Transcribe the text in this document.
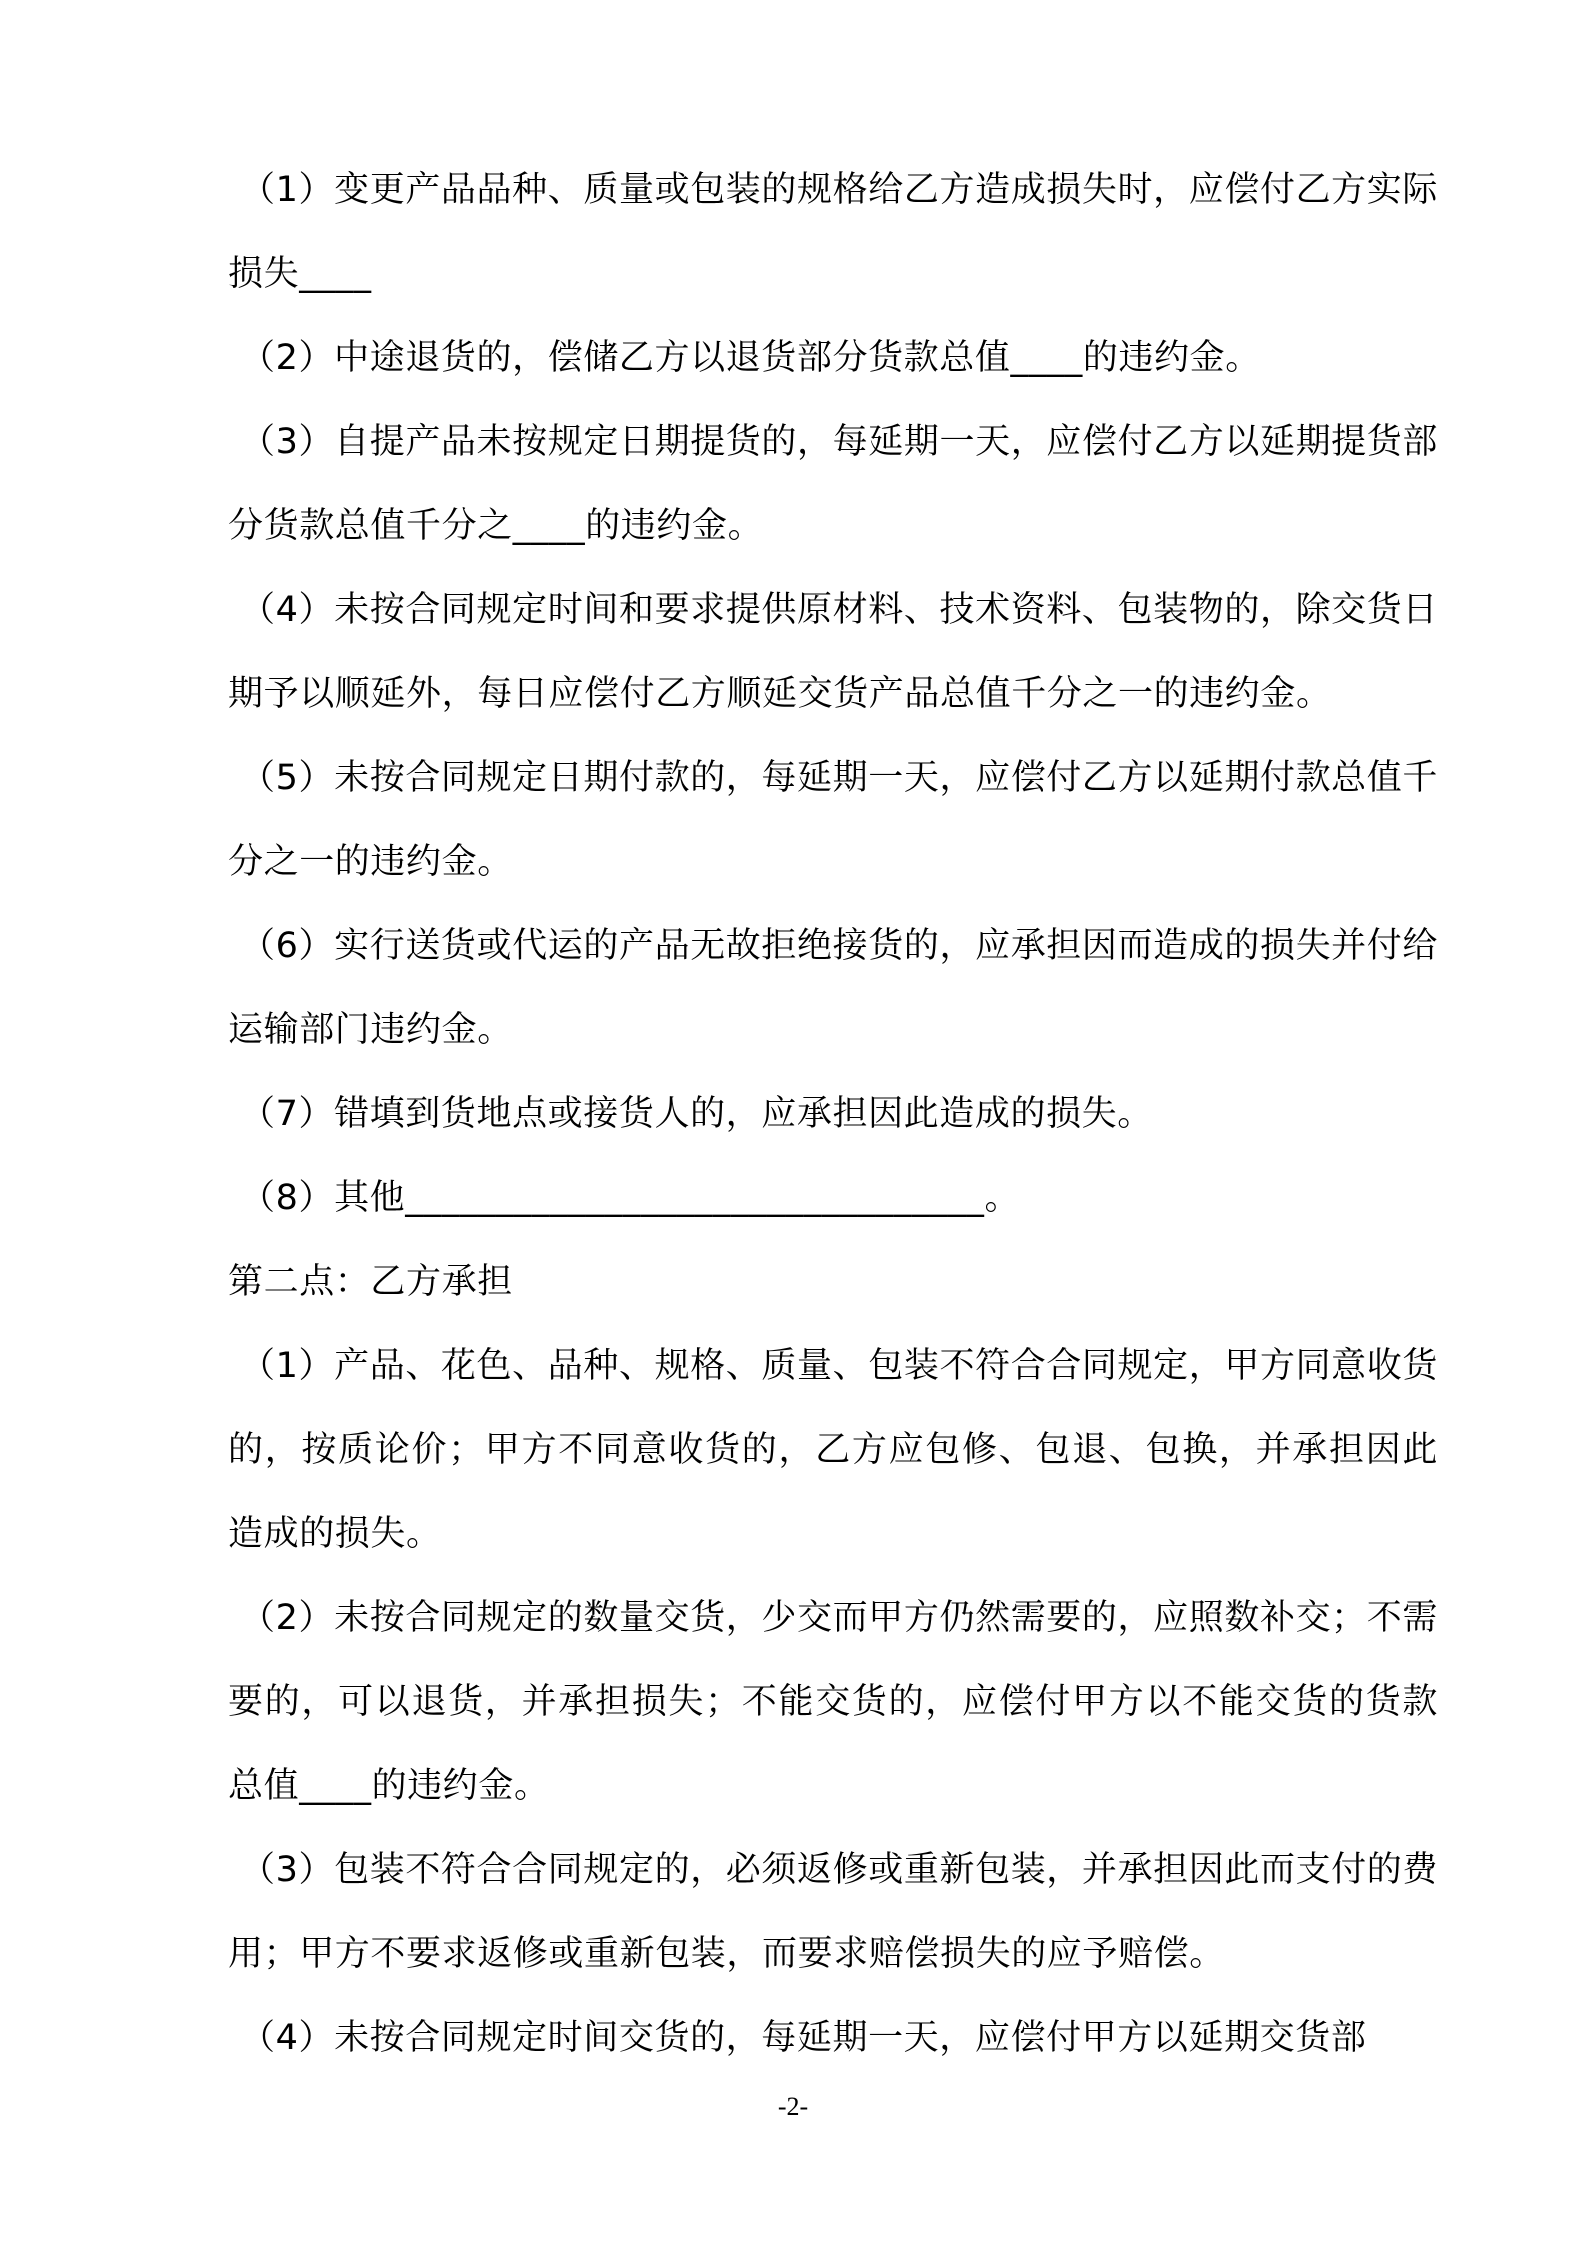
（1）变更产品品种、质量或包装的规格给乙方造成损失时，应偿付乙方实际损失____

（2）中途退货的，偿储乙方以退货部分货款总值____的违约金。

（3）自提产品未按规定日期提货的，每延期一天，应偿付乙方以延期提货部分货款总值千分之____的违约金。

（4）未按合同规定时间和要求提供原材料、技术资料、包装物的，除交货日期予以顺延外，每日应偿付乙方顺延交货产品总值千分之一的违约金。

（5）未按合同规定日期付款的，每延期一天，应偿付乙方以延期付款总值千分之一的违约金。

（6）实行送货或代运的产品无故拒绝接货的，应承担因而造成的损失并付给运输部门违约金。

（7）错填到货地点或接货人的，应承担因此造成的损失。

（8）其他________________________________。

第二点：乙方承担

（1）产品、花色、品种、规格、质量、包装不符合合同规定，甲方同意收货的，按质论价；甲方不同意收货的，乙方应包修、包退、包换，并承担因此造成的损失。

（2）未按合同规定的数量交货，少交而甲方仍然需要的，应照数补交；不需要的，可以退货，并承担损失；不能交货的，应偿付甲方以不能交货的货款总值____的违约金。

（3）包装不符合合同规定的，必须返修或重新包装，并承担因此而支付的费用；甲方不要求返修或重新包装，而要求赔偿损失的应予赔偿。

（4）未按合同规定时间交货的，每延期一天，应偿付甲方以延期交货部

-2-
